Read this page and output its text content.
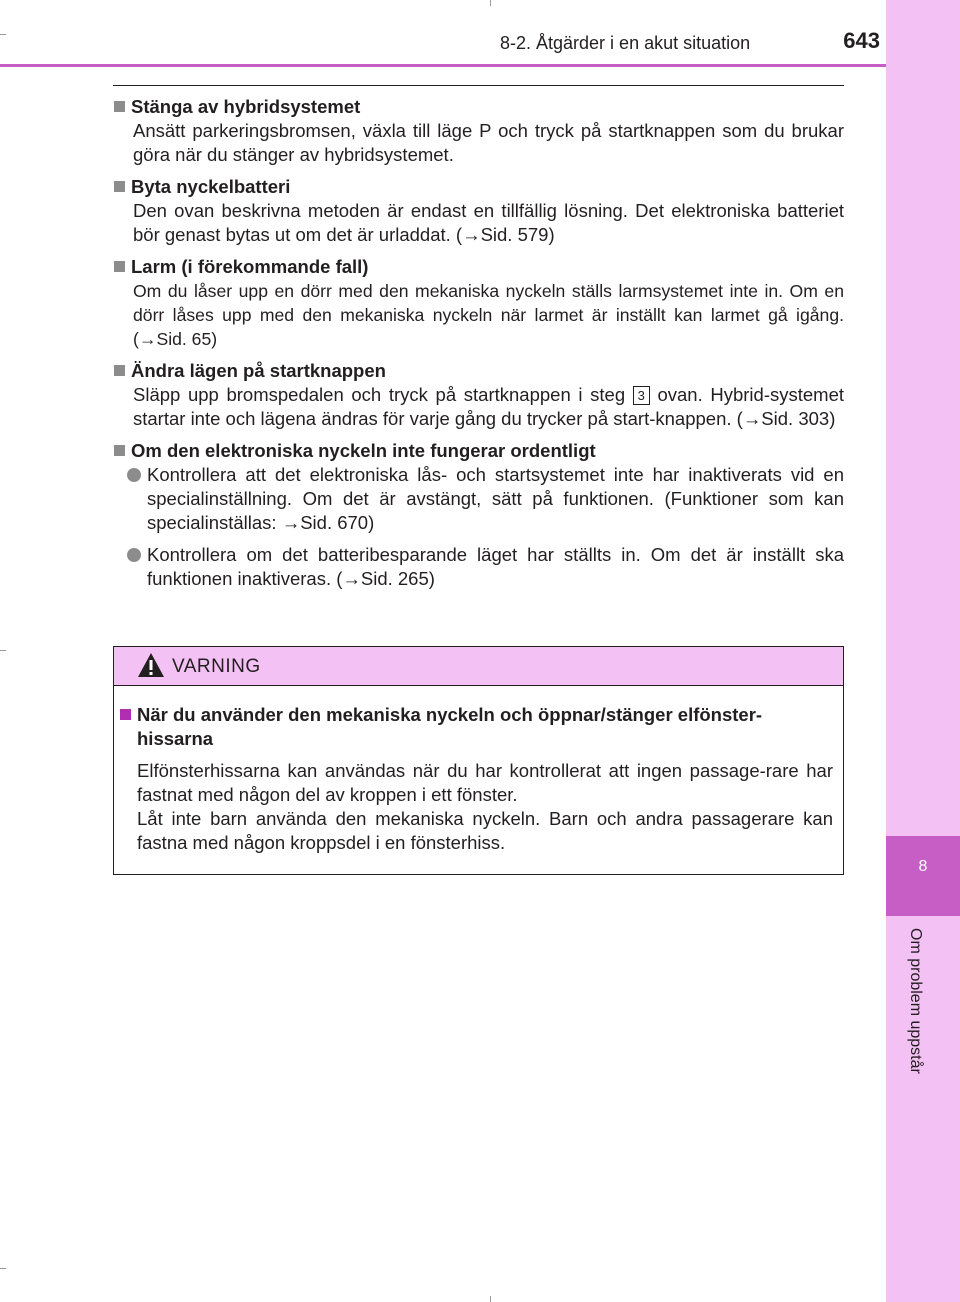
8
Om problem uppstår
8-2. Åtgärder i en akut situation	643
Stänga av hybridsystemet
Ansätt parkeringsbromsen, växla till läge P och tryck på startknappen som du brukar göra när du stänger av hybridsystemet.
Byta nyckelbatteri
Den ovan beskrivna metoden är endast en tillfällig lösning. Det elektroniska batteriet bör genast bytas ut om det är urladdat. (→Sid. 579)
Larm (i förekommande fall)
Om du låser upp en dörr med den mekaniska nyckeln ställs larmsystemet inte in. Om en dörr låses upp med den mekaniska nyckeln när larmet är inställt kan larmet gå igång. (→Sid. 65)
Ändra lägen på startknappen
Släpp upp bromspedalen och tryck på startknappen i steg 3 ovan. Hybrid-systemet startar inte och lägena ändras för varje gång du trycker på start-knappen. (→Sid. 303)
Om den elektroniska nyckeln inte fungerar ordentligt
Kontrollera att det elektroniska lås- och startsystemet inte har inaktiverats vid en specialinställning. Om det är avstängt, sätt på funktionen. (Funktioner som kan specialinställas: →Sid. 670)
Kontrollera om det batteribesparande läget har ställts in. Om det är inställt ska funktionen inaktiveras. (→Sid. 265)
VARNING
När du använder den mekaniska nyckeln och öppnar/stänger elfönster-hissarna
Elfönsterhissarna kan användas när du har kontrollerat att ingen passage-rare har fastnat med någon del av kroppen i ett fönster.
Låt inte barn använda den mekaniska nyckeln. Barn och andra passagerare kan fastna med någon kroppsdel i en fönsterhiss.
